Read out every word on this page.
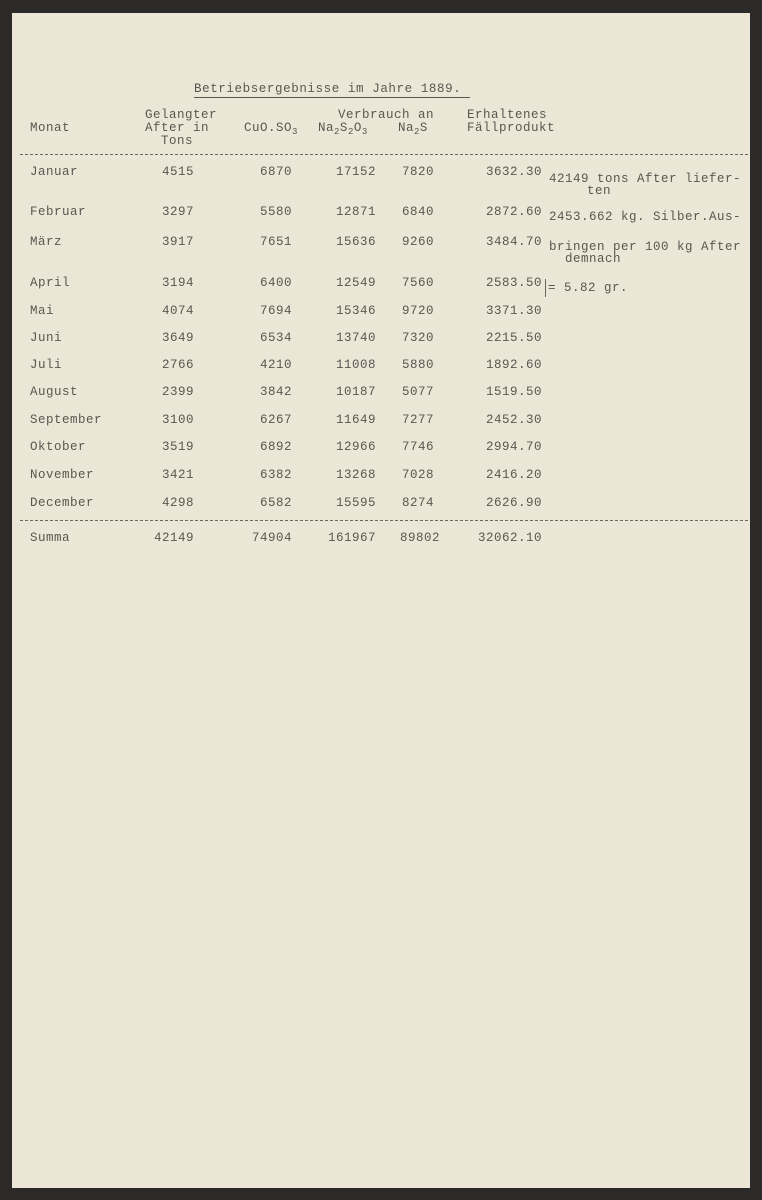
Betriebsergebnisse im Jahre 1889.
Monat
Gelangter
After in
Tons
$CuO.SO_3$
Verbrauch an
$Na_2S_2O_3$ $Na_2S$
Erhaltenes
Fällprodukt
Januar	4515	6870	17152	7820	3632.30
Februar	3297	5580	12871	6840	2872.60
März	3917	7651	15636	9260	3484.70
April	3194	6400	12549	7560	2583.50
Mai	4074	7694	15346	9720	3371.30
Juni	3649	6534	13740	7320	2215.50
Juli	2766	4210	11008	5880	1892.60
August	2399	3842	10187	5077	1519.50
September	3100	6267	11649	7277	2452.30
Oktober	3519	6892	12966	7746	2994.70
November	3421	6382	13268	7028	2416.20
December	4298	6582	15595	8274	2626.90
Summa	42149	74904	161967	89802	32062.10
42149 tons After liefer-
ten
2453.662 kg. Silber.Aus-
bringen per 100 kg After
demnach
= 5.82 gr.
